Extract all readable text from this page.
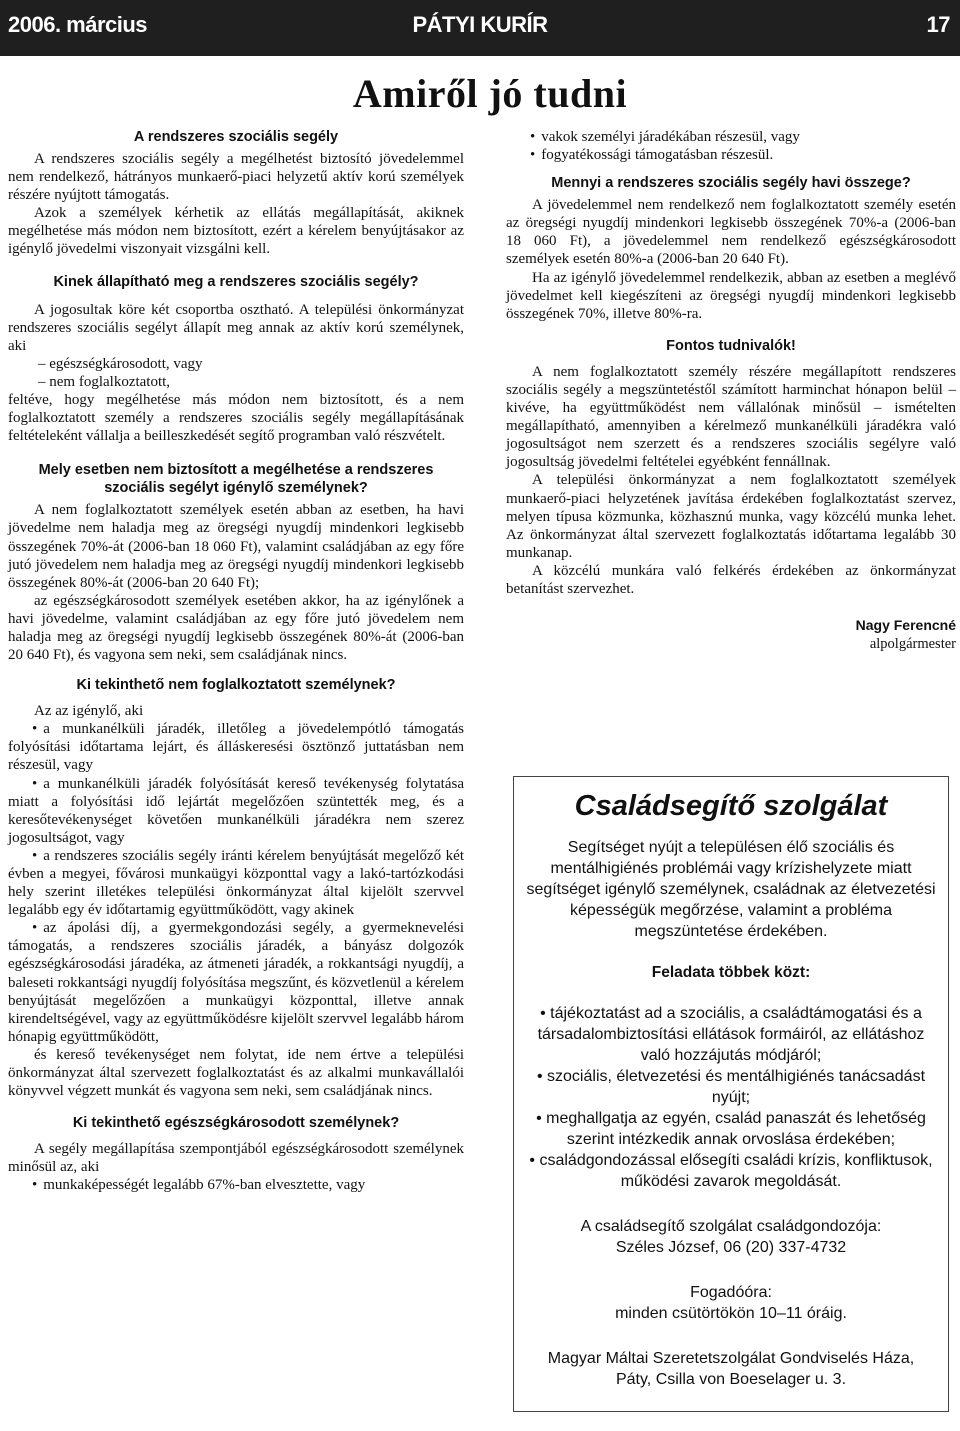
PÁTYI KURÍR
2006. március	17
Amiről jó tudni
A rendszeres szociális segély

A rendszeres szociális segély a megélhetést biztosító jövedelemmel nem rendelkező, hátrányos munkaerő-piaci helyzetű aktív korú személyek részére nyújtott támogatás.

Azok a személyek kérhetik az ellátás megállapítását, akiknek megélhetése más módon nem biztosított, ezért a kérelem benyújtásakor az igénylő jövedelmi viszonyait vizsgálni kell.

Kinek állapítható meg a rendszeres szociális segély?

A jogosultak köre két csoportba osztható. A települési önkormányzat rendszeres szociális segélyt állapít meg annak az aktív korú személynek, aki

– egészségkárosodott, vagy
– nem foglalkoztatott,

feltéve, hogy megélhetése más módon nem biztosított, és a nem foglalkoztatott személy a rendszeres szociális segély megállapításának feltételeként vállalja a beilleszkedését segítő programban való részvételt.

Mely esetben nem biztosított a megélhetése a rendszeres szociális segélyt igénylő személynek?

A nem foglalkoztatott személyek esetén abban az esetben, ha havi jövedelme nem haladja meg az öregségi nyugdíj mindenkori legkisebb összegének 70%-át (2006-ban 18 060 Ft), valamint családjában az egy főre jutó jövedelem nem haladja meg az öregségi nyugdíj mindenkori legkisebb összegének 80%-át (2006-ban 20 640 Ft);

az egészségkárosodott személyek esetében akkor, ha az igénylőnek a havi jövedelme, valamint családjában az egy főre jutó jövedelem nem haladja meg az öregségi nyugdíj legkisebb összegének 80%-át (2006-ban 20 640 Ft), és vagyona sem neki, sem családjának nincs.

Ki tekinthető nem foglalkoztatott személynek?

Az az igénylő, aki

• a munkanélküli járadék, illetőleg a jövedelempótló támogatás folyósítási időtartama lejárt, és álláskeresési ösztönző juttatásban nem részesül, vagy
• a munkanélküli járadék folyósítását kereső tevékenység folytatása miatt a folyósítási idő lejártát megelőzően szüntették meg, és a keresőtevékenységet követően munkanélküli járadékra nem szerez jogosultságot, vagy
• a rendszeres szociális segély iránti kérelem benyújtását megelőző két évben a megyei, fővárosi munkaügyi központtal vagy a lakó-tartózkodási hely szerint illetékes települési önkormányzat által kijelölt szervvel legalább egy év időtartamig együttműködött, vagy akinek
• az ápolási díj, a gyermekgondozási segély, a gyermeknevelési támogatás, a rendszeres szociális járadék, a bányász dolgozók egészségkárosodási járadéka, az átmeneti járadék, a rokkantsági nyugdíj, a baleseti rokkantsági nyugdíj folyósítása megszűnt, és közvetlenül a kérelem benyújtását megelőzően a munkaügyi központtal, illetve annak kirendeltségével, vagy az együttműködésre kijelölt szervvel legalább három hónapig együttműködött,

és kereső tevékenységet nem folytat, ide nem értve a települési önkormányzat által szervezett foglalkoztatást és az alkalmi munkavállalói könyvvel végzett munkát és vagyona sem neki, sem családjának nincs.

Ki tekinthető egészségkárosodott személynek?

A segély megállapítása szempontjából egészségkárosodott személynek minősül az, aki

• munkaképességét legalább 67%-ban elvesztette, vagy
• vakok személyi járadékában részesül, vagy
• fogyatékossági támogatásban részesül.
Mennyi a rendszeres szociális segély havi összege?

A jövedelemmel nem rendelkező nem foglalkoztatott személy esetén az öregségi nyugdíj mindenkori legkisebb összegének 70%-a (2006-ban 18 060 Ft), a jövedelemmel nem rendelkező egészségkárosodott személyek esetén 80%-a (2006-ban 20 640 Ft).

Ha az igénylő jövedelemmel rendelkezik, abban az esetben a meglévő jövedelmet kell kiegészíteni az öregségi nyugdíj mindenkori legkisebb összegének 70%, illetve 80%-ra.

Fontos tudnivalók!

A nem foglalkoztatott személy részére megállapított rendszeres szociális segély a megszüntetéstől számított harminchat hónapon belül – kivéve, ha együttműködést nem vállalónak minősül – ismételten megállapítható, amennyiben a kérelmező munkanélküli járadékra való jogosultságot nem szerzett és a rendszeres szociális segélyre való jogosultság jövedelmi feltételei egyébként fennállnak.

A települési önkormányzat a nem foglalkoztatott személyek munkaerő-piaci helyzetének javítása érdekében foglalkoztatást szervez, melyen típusa közmunka, közhasznú munka, vagy közcélú munka lehet. Az önkormányzat által szervezett foglalkoztatás időtartama legalább 30 munkanap.

A közcélú munkára való felkérés érdekében az önkormányzat betanítást szervezhet.

Nagy Ferencné
alpolgármester
Családsegítő szolgálat

Segítséget nyújt a településen élő szociális és mentálhigiénés problémái vagy krízishelyzete miatt segítséget igénylő személynek, családnak az életvezetési képességük megőrzése, valamint a probléma megszüntetése érdekében.

Feladata többek közt:
• tájékoztatást ad a szociális, a családtámogatási és a társadalombiztosítási ellátások formáiról, az ellátáshoz való hozzájutás módjáról;
• szociális, életvezetési és mentálhigiénés tanácsadást nyújt;
• meghallgatja az egyén, család panaszát és lehetőség szerint intézkedik annak orvoslása érdekében;
• családgondozással elősegíti családi krízis, konfliktusok, működési zavarok megoldását.

A családsegítő szolgálat családgondozója:

Széles József, 06 (20) 337-4732

Fogadóóra:

minden csütörtökön 10–11 óráig.

Magyar Máltai Szeretetszolgálat Gondviselés Háza,

Páty, Csilla von Boeselager u. 3.
